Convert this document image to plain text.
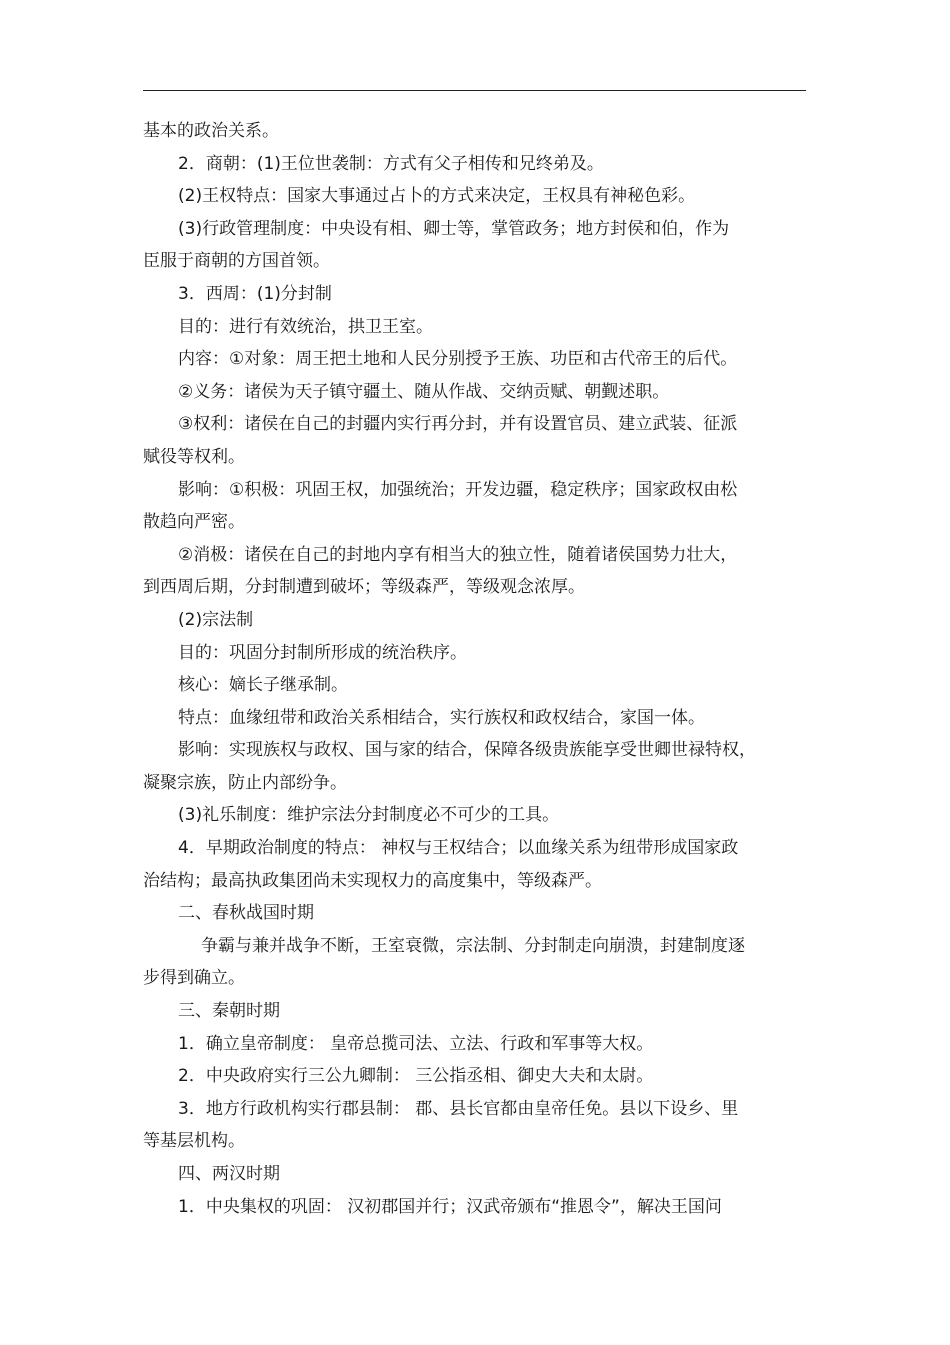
基本的政治关系。
2．商朝：(1)王位世袭制：方式有父子相传和兄终弟及。
(2)王权特点：国家大事通过占卜的方式来决定，王权具有神秘色彩。
(3)行政管理制度：中央设有相、卿士等，掌管政务；地方封侯和伯，作为
臣服于商朝的方国首领。
3．西周：(1)分封制
目的：进行有效统治，拱卫王室。
内容：①对象：周王把土地和人民分别授予王族、功臣和古代帝王的后代。
②义务：诸侯为天子镇守疆土、随从作战、交纳贡赋、朝觐述职。
③权利：诸侯在自己的封疆内实行再分封，并有设置官员、建立武装、征派
赋役等权利。
影响：①积极：巩固王权，加强统治；开发边疆，稳定秩序；国家政权由松
散趋向严密。
②消极：诸侯在自己的封地内享有相当大的独立性，随着诸侯国势力壮大，
到西周后期，分封制遭到破坏；等级森严，等级观念浓厚。
(2)宗法制
目的：巩固分封制所形成的统治秩序。
核心：嫡长子继承制。
特点：血缘纽带和政治关系相结合，实行族权和政权结合，家国一体。
影响：实现族权与政权、国与家的结合，保障各级贵族能享受世卿世禄特权，
凝聚宗族，防止内部纷争。
(3)礼乐制度：维护宗法分封制度必不可少的工具。
4．早期政治制度的特点： 神权与王权结合；以血缘关系为纽带形成国家政
治结构；最高执政集团尚未实现权力的高度集中，等级森严。
二、春秋战国时期
争霸与兼并战争不断，王室衰微，宗法制、分封制走向崩溃，封建制度逐
步得到确立。
三、秦朝时期
1．确立皇帝制度： 皇帝总揽司法、立法、行政和军事等大权。
2．中央政府实行三公九卿制： 三公指丞相、御史大夫和太尉。
3．地方行政机构实行郡县制： 郡、县长官都由皇帝任免。县以下设乡、里
等基层机构。
四、两汉时期
1．中央集权的巩固： 汉初郡国并行；汉武帝颁布“推恩令”，解决王国问
